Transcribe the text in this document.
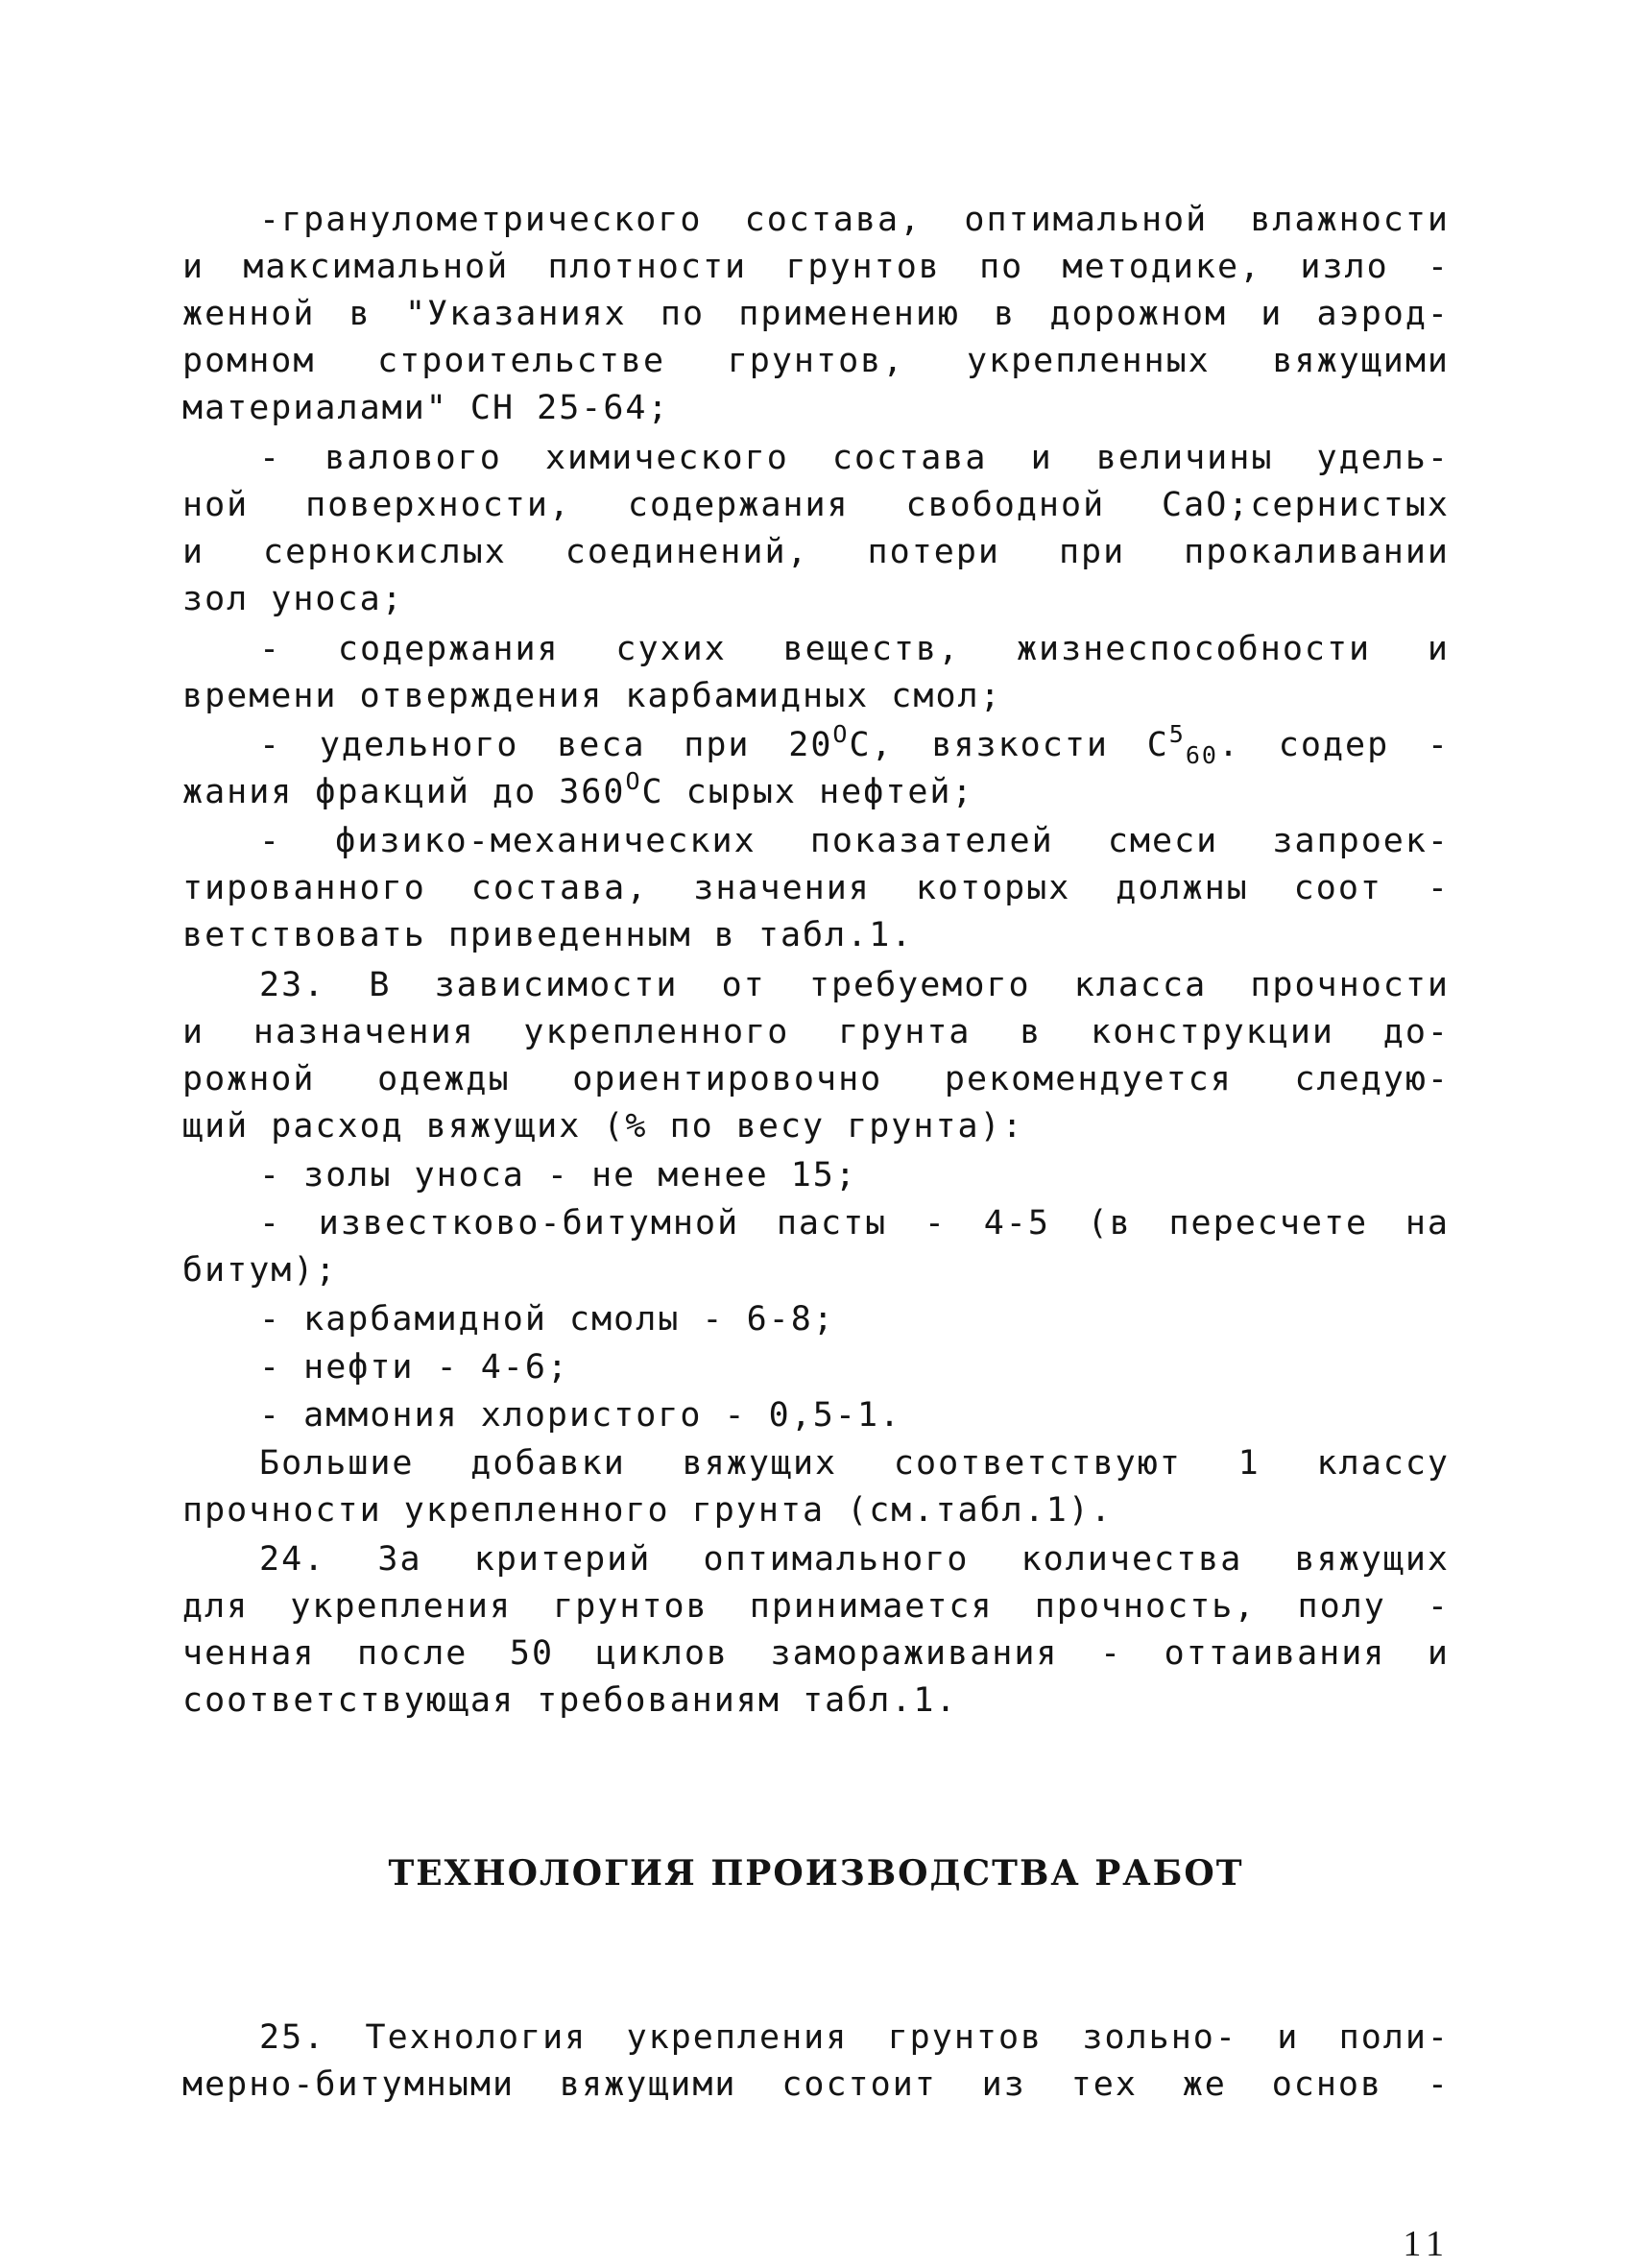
-гранулометрического состава, оптимальной влажности
и максимальной плотности грунтов по методике, изло -
женной в "Указаниях по применению в дорожном и аэрод-
ромном строительстве грунтов, укрепленных вяжущими
материалами" СН 25-64;
- валового химического состава и величины удель-
ной поверхности, содержания свободной СаО;сернистых
и сернокислых соединений, потери при прокаливании
зол уноса;
- содержания сухих веществ, жизнеспособности и
времени отверждения карбамидных смол;
- удельного веса при $20^ОС$, вязкости $С^5_{60}$. содер -
жания фракций до $360^ОС$ сырых нефтей;
- физико-механических показателей смеси запроек-
тированного состава, значения которых должны соот -
ветствовать приведенным в табл.1.
23. В зависимости от требуемого класса прочности
и назначения укрепленного грунта в конструкции до-
рожной одежды ориентировочно рекомендуется следую-
щий расход вяжущих (% по весу грунта):
- золы уноса - не менее 15;
- известково-битумной пасты - 4-5 (в пересчете на
битум);
- карбамидной смолы - 6-8;
- нефти - 4-6;
- аммония хлористого - 0,5-1.
Большие добавки вяжущих соответствуют 1 классу
прочности укрепленного грунта (см.табл.1).
24. За критерий оптимального количества вяжущих
для укрепления грунтов принимается прочность, полу -
ченная после 50 циклов замораживания - оттаивания и
соответствующая требованиям табл.1.
ТЕХНОЛОГИЯ ПРОИЗВОДСТВА РАБОТ
25. Технология укрепления грунтов зольно- и поли-
мерно-битумными вяжущими состоит из тех же основ -
11
